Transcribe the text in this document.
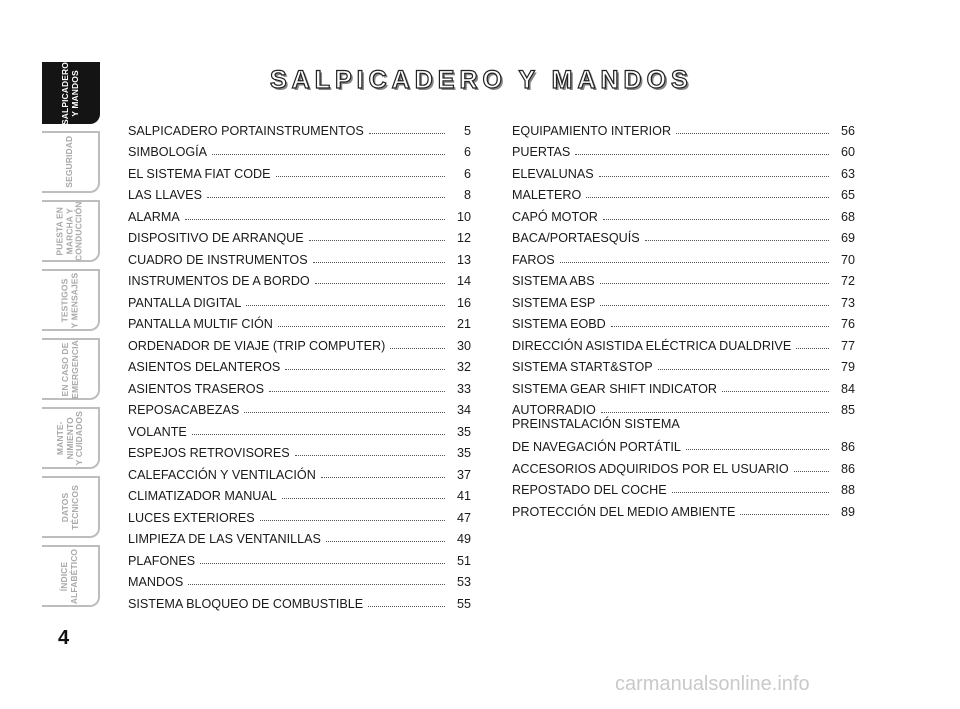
SALPICADERO
Y MANDOS
SEGURIDAD
PUESTA EN
MARCHA Y
CONDUCCIÓN
TESTIGOS
Y MENSAJES
EN CASO DE
EMERGENCIA
MANTE-
NIMIENTO
Y CUIDADOS
DATOS
TÉCNICOS
ÍNDICE
ALFABÉTICO
4
SALPICADERO Y MANDOS
SALPICADERO PORTAINSTRUMENTOS	5
SIMBOLOGÍA	6
EL SISTEMA FIAT CODE	6
LAS LLAVES	8
ALARMA	10
DISPOSITIVO DE ARRANQUE	12
CUADRO DE INSTRUMENTOS	13
INSTRUMENTOS DE A BORDO	14
PANTALLA DIGITAL	16
PANTALLA MULTIF CIÓN	21
ORDENADOR DE VIAJE (TRIP COMPUTER)	30
ASIENTOS DELANTEROS	32
ASIENTOS TRASEROS	33
REPOSACABEZAS	34
VOLANTE	35
ESPEJOS RETROVISORES	35
CALEFACCIÓN Y VENTILACIÓN	37
CLIMATIZADOR MANUAL	41
LUCES EXTERIORES	47
LIMPIEZA DE LAS VENTANILLAS	49
PLAFONES	51
MANDOS	53
SISTEMA BLOQUEO DE COMBUSTIBLE	55
EQUIPAMIENTO INTERIOR	56
PUERTAS	60
ELEVALUNAS	63
MALETERO	65
CAPÓ MOTOR	68
BACA/PORTAESQUÍS	69
FAROS	70
SISTEMA ABS	72
SISTEMA ESP	73
SISTEMA EOBD	76
DIRECCIÓN ASISTIDA ELÉCTRICA DUALDRIVE	77
SISTEMA START&STOP	79
SISTEMA GEAR SHIFT INDICATOR	84
AUTORRADIO	85
PREINSTALACIÓN SISTEMA
DE NAVEGACIÓN PORTÁTIL	86
ACCESORIOS ADQUIRIDOS POR EL USUARIO	86
REPOSTADO DEL COCHE	88
PROTECCIÓN DEL MEDIO AMBIENTE	89
carmanualsonline.info
